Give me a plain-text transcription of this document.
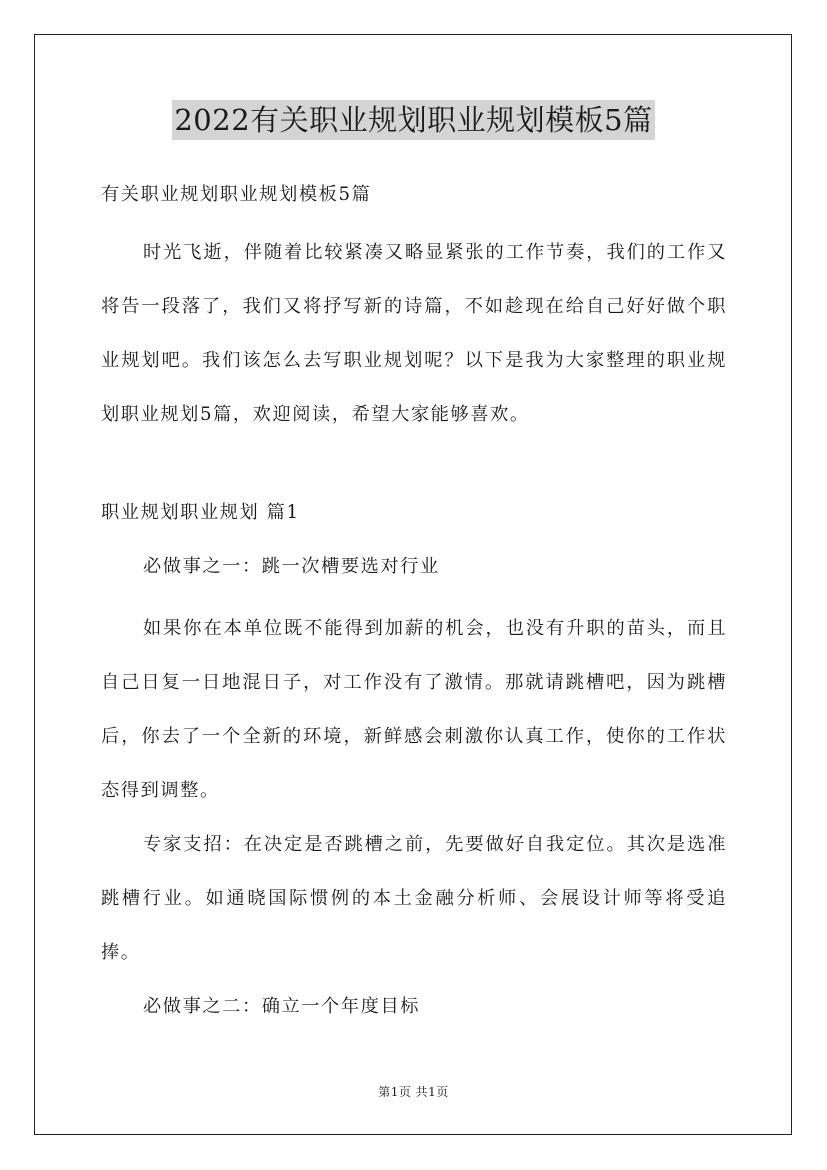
2022有关职业规划职业规划模板5篇

有关职业规划职业规划模板5篇

时光飞逝，伴随着比较紧凑又略显紧张的工作节奏，我们的工作又将告一段落了，我们又将抒写新的诗篇，不如趁现在给自己好好做个职业规划吧。我们该怎么去写职业规划呢？以下是我为大家整理的职业规划职业规划5篇，欢迎阅读，希望大家能够喜欢。

职业规划职业规划 篇1

必做事之一：跳一次槽要选对行业

如果你在本单位既不能得到加薪的机会，也没有升职的苗头，而且自己日复一日地混日子，对工作没有了激情。那就请跳槽吧，因为跳槽后，你去了一个全新的环境，新鲜感会刺激你认真工作，使你的工作状态得到调整。

专家支招：在决定是否跳槽之前，先要做好自我定位。其次是选准跳槽行业。如通晓国际惯例的本土金融分析师、会展设计师等将受追捧。

必做事之二：确立一个年度目标

第1页 共1页
